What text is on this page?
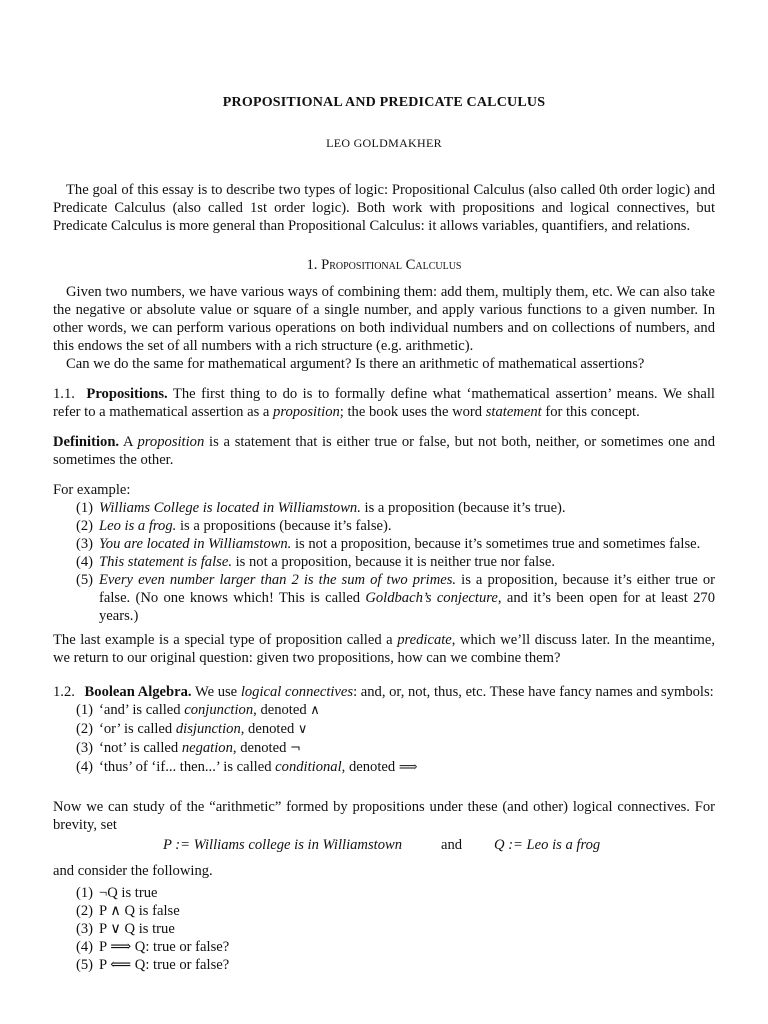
PROPOSITIONAL AND PREDICATE CALCULUS
LEO GOLDMAKHER

The goal of this essay is to describe two types of logic: Propositional Calculus (also called 0th order logic) and Predicate Calculus (also called 1st order logic). Both work with propositions and logical connectives, but Predicate Calculus is more general than Propositional Calculus: it allows variables, quantifiers, and relations.

1. Propositional Calculus

Given two numbers, we have various ways of combining them: add them, multiply them, etc. We can also take the negative or absolute value or square of a single number, and apply various functions to a given number. In other words, we can perform various operations on both individual numbers and on collections of numbers, and this endows the set of all numbers with a rich structure (e.g. arithmetic).

Can we do the same for mathematical argument? Is there an arithmetic of mathematical assertions?

1.1. Propositions. The first thing to do is to formally define what ‘mathematical assertion’ means. We shall refer to a mathematical assertion as a proposition; the book uses the word statement for this concept.

Definition. A proposition is a statement that is either true or false, but not both, neither, or sometimes one and sometimes the other.

For example:

(1) Williams College is located in Williamstown. is a proposition (because it’s true).
(2) Leo is a frog. is a propositions (because it’s false).
(3) You are located in Williamstown. is not a proposition, because it’s sometimes true and sometimes false.
(4) This statement is false. is not a proposition, because it is neither true nor false.
(5) Every even number larger than 2 is the sum of two primes. is a proposition, because it’s either true or false. (No one knows which! This is called Goldbach’s conjecture, and it’s been open for at least 270 years.)

The last example is a special type of proposition called a predicate, which we’ll discuss later. In the meantime, we return to our original question: given two propositions, how can we combine them?

1.2. Boolean Algebra. We use logical connectives: and, or, not, thus, etc. These have fancy names and symbols:

(1) ‘and’ is called conjunction, denoted ∧
(2) ‘or’ is called disjunction, denoted ∨
(3) ‘not’ is called negation, denoted ¬
(4) ‘thus’ of ‘if... then...’ is called conditional, denoted ⟹

Now we can study of the “arithmetic” formed by propositions under these (and other) logical connectives. For brevity, set

P := Williams college is in Williamstown	and Q := Leo is a frog

and consider the following.

(1) ¬Q is true
(2) P ∧ Q is false
(3) P ∨ Q is true
(4) P ⟹ Q: true or false?
(5) P ⟸ Q: true or false?
